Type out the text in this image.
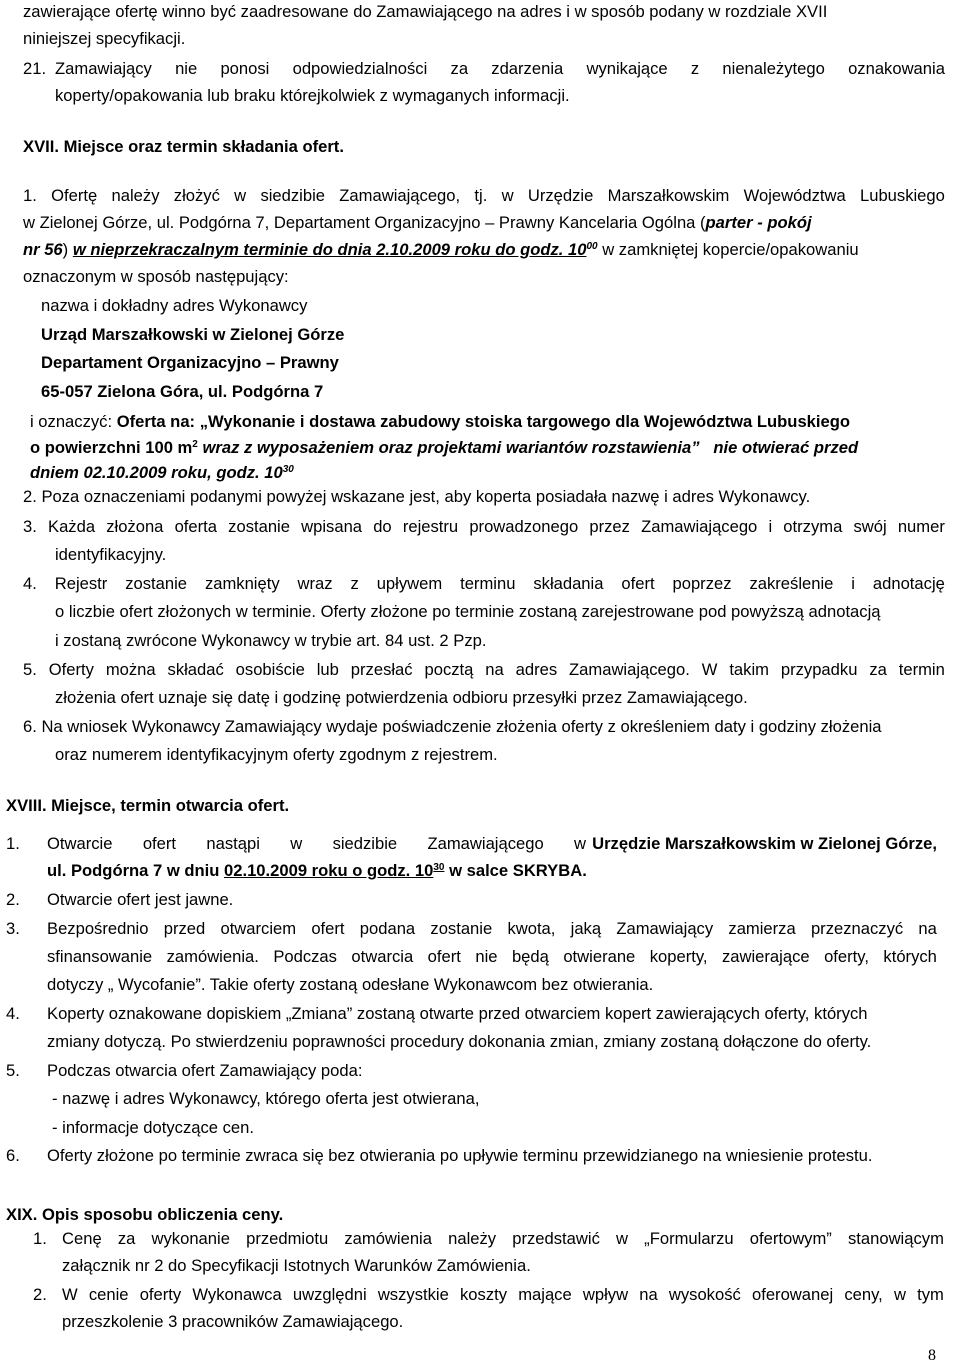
zawierające ofertę winno być zaadresowane do Zamawiającego na adres i w sposób podany w rozdziale XVII
niniejszej specyfikacji.
21. Zamawiający nie ponosi odpowiedzialności za zdarzenia wynikające z nienależytego oznakowania
koperty/opakowania lub braku którejkolwiek z wymaganych informacji.
XVII. Miejsce oraz termin składania ofert.
1. Ofertę należy złożyć w siedzibie Zamawiającego, tj. w Urzędzie Marszałkowskim Województwa Lubuskiego
w Zielonej Górze, ul. Podgórna 7, Departament Organizacyjno – Prawny Kancelaria Ogólna (parter - pokój
nr 56) w nieprzekraczalnym terminie do dnia 2.10.2009 roku do godz. $10^{00}$ w zamkniętej kopercie/opakowaniu
oznaczonym w sposób następujący:
nazwa i dokładny adres Wykonawcy
Urząd Marszałkowski w Zielonej Górze
Departament Organizacyjno – Prawny
65-057 Zielona Góra, ul. Podgórna 7
i oznaczyć: Oferta na: „Wykonanie i dostawa zabudowy stoiska targowego dla Województwa Lubuskiego
o powierzchni 100 $m^2$ wraz z wyposażeniem oraz projektami wariantów rozstawienia” nie otwierać przed
dniem 02.10.2009 roku, godz. $10^{30}$
2. Poza oznaczeniami podanymi powyżej wskazane jest, aby koperta posiadała nazwę i adres Wykonawcy.
3. Każda złożona oferta zostanie wpisana do rejestru prowadzonego przez Zamawiającego i otrzyma swój numer
identyfikacyjny.
4. Rejestr zostanie zamknięty wraz z upływem terminu składania ofert poprzez zakreślenie i adnotację
o liczbie ofert złożonych w terminie. Oferty złożone po terminie zostaną zarejestrowane pod powyższą adnotacją
i zostaną zwrócone Wykonawcy w trybie art. 84 ust. 2 Pzp.
5. Oferty można składać osobiście lub przesłać pocztą na adres Zamawiającego. W takim przypadku za termin
złożenia ofert uznaje się datę i godzinę potwierdzenia odbioru przesyłki przez Zamawiającego.
6. Na wniosek Wykonawcy Zamawiający wydaje poświadczenie złożenia oferty z określeniem daty i godziny złożenia
oraz numerem identyfikacyjnym oferty zgodnym z rejestrem.
XVIII. Miejsce, termin otwarcia ofert.
1. Otwarcie ofert nastąpi w siedzibie Zamawiającego w Urzędzie Marszałkowskim w Zielonej Górze,
ul. Podgórna 7 w dniu 02.10.2009 roku o godz. $10^{30}$ w salce SKRYBA.
2. Otwarcie ofert jest jawne.
3. Bezpośrednio przed otwarciem ofert podana zostanie kwota, jaką Zamawiający zamierza przeznaczyć na
sfinansowanie zamówienia. Podczas otwarcia ofert nie będą otwierane koperty, zawierające oferty, których
dotyczy „ Wycofanie”. Takie oferty zostaną odesłane Wykonawcom bez otwierania.
4. Koperty oznakowane dopiskiem „Zmiana” zostaną otwarte przed otwarciem kopert zawierających oferty, których
zmiany dotyczą. Po stwierdzeniu poprawności procedury dokonania zmian, zmiany zostaną dołączone do oferty.
5. Podczas otwarcia ofert Zamawiający poda:
- nazwę i adres Wykonawcy, którego oferta jest otwierana,
- informacje dotyczące cen.
6. Oferty złożone po terminie zwraca się bez otwierania po upływie terminu przewidzianego na wniesienie protestu.
XIX. Opis sposobu obliczenia ceny.
1. Cenę za wykonanie przedmiotu zamówienia należy przedstawić w „Formularzu ofertowym” stanowiącym
załącznik nr 2 do Specyfikacji Istotnych Warunków Zamówienia.
2. W cenie oferty Wykonawca uwzględni wszystkie koszty mające wpływ na wysokość oferowanej ceny, w tym
przeszkolenie 3 pracowników Zamawiającego.
8
